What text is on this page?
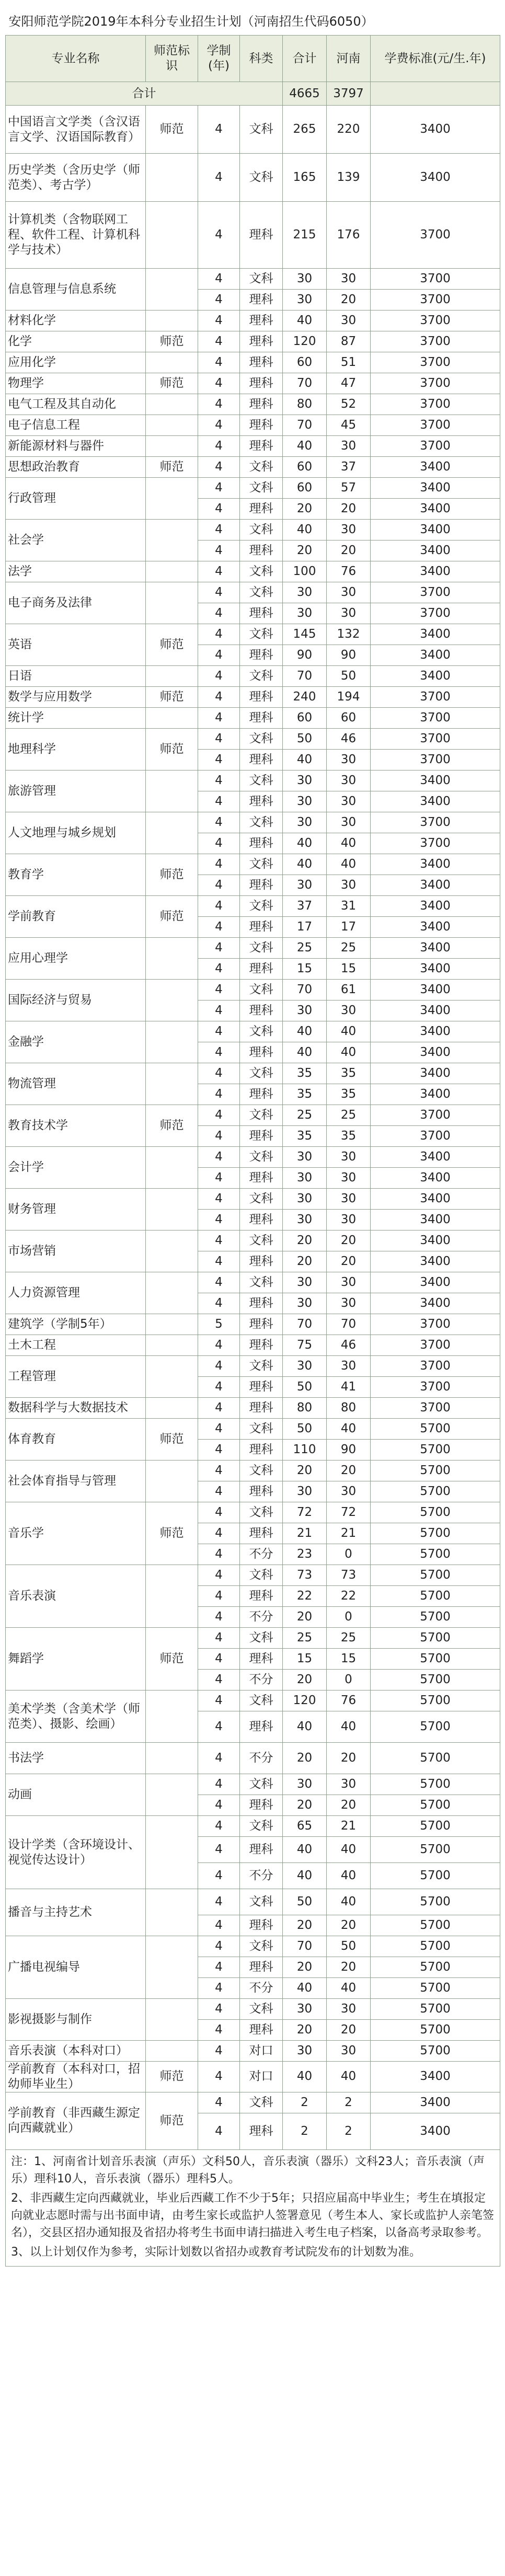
安阳师范学院2019年本科分专业招生计划（河南招生代码6050）						
专业名称	师范标识	学制(年)	科类	合计	河南	学费标准(元/生.年)
合计				4665	3797	
中国语言文学类（含汉语言文学、汉语国际教育）	师范	4	文科	265	220	3400
历史学类（含历史学（师范类）、考古学）		4	文科	165	139	3400
计算机类（含物联网工程、软件工程、计算机科学与技术）		4	理科	215	176	3700
信息管理与信息系统		4	文科	30	30	3700
		4	理科	30	20	3700
材料化学		4	理科	40	30	3700
化学	师范	4	理科	120	87	3700
应用化学		4	理科	60	51	3700
物理学	师范	4	理科	70	47	3700
电气工程及其自动化		4	理科	80	52	3700
电子信息工程		4	理科	70	45	3700
新能源材料与器件		4	理科	40	30	3700
思想政治教育	师范	4	文科	60	37	3400
行政管理		4	文科	60	57	3400
		4	理科	20	20	3400
社会学		4	文科	40	30	3400
		4	理科	20	20	3400
法学		4	文科	100	76	3400
电子商务及法律		4	文科	30	30	3700
		4	理科	30	30	3700
英语	师范	4	文科	145	132	3400
		4	理科	90	90	3400
日语		4	文科	70	50	3400
数学与应用数学	师范	4	理科	240	194	3700
统计学		4	理科	60	60	3700
地理科学	师范	4	文科	50	46	3700
		4	理科	40	30	3700
旅游管理		4	文科	30	30	3400
		4	理科	30	30	3400
人文地理与城乡规划		4	文科	30	30	3700
		4	理科	40	40	3700
教育学	师范	4	文科	40	40	3400
		4	理科	30	30	3400
学前教育	师范	4	文科	37	31	3400
		4	理科	17	17	3400
应用心理学		4	文科	25	25	3400
		4	理科	15	15	3400
国际经济与贸易		4	文科	70	61	3400
		4	理科	30	30	3400
金融学		4	文科	40	40	3400
		4	理科	40	40	3400
物流管理		4	文科	35	35	3400
		4	理科	35	35	3400
教育技术学	师范	4	文科	25	25	3700
		4	理科	35	35	3700
会计学		4	文科	30	30	3400
		4	理科	30	30	3400
财务管理		4	文科	30	30	3400
		4	理科	30	30	3400
市场营销		4	文科	20	20	3400
		4	理科	20	20	3400
人力资源管理		4	文科	30	30	3400
		4	理科	30	30	3400
建筑学（学制5年）		5	理科	70	70	3700
土木工程		4	理科	75	46	3700
工程管理		4	文科	30	30	3700
		4	理科	50	41	3700
数据科学与大数据技术		4	理科	80	80	3700
体育教育	师范	4	文科	50	40	5700
		4	理科	110	90	5700
社会体育指导与管理		4	文科	20	20	5700
		4	理科	30	30	5700
音乐学	师范	4	文科	72	72	5700
		4	理科	21	21	5700
		4	不分	23	0	5700
音乐表演		4	文科	73	73	5700
		4	理科	22	22	5700
		4	不分	20	0	5700
舞蹈学	师范	4	文科	25	25	5700
		4	理科	15	15	5700
		4	不分	20	0	5700
美术学类（含美术学（师范类）、摄影、绘画）		4	文科	120	76	5700
		4	理科	40	40	5700
书法学		4	不分	20	20	5700
动画		4	文科	30	30	5700
		4	理科	20	20	5700
设计学类（含环境设计、视觉传达设计）		4	文科	65	21	5700
		4	理科	40	40	5700
		4	不分	40	40	5700
播音与主持艺术		4	文科	50	40	5700
		4	理科	20	20	5700
广播电视编导		4	文科	70	50	5700
		4	理科	20	20	5700
		4	不分	40	40	5700
影视摄影与制作		4	文科	30	30	5700
		4	理科	20	20	5700
音乐表演（本科对口）		4	对口	30	30	5700
学前教育（本科对口，招幼师毕业生）	师范	4	对口	40	40	3400
学前教育（非西藏生源定向西藏就业）	师范	4	文科	2	2	3400
		4	理科	2	2	3400

注：1、河南省计划音乐表演（声乐）文科50人，音乐表演（器乐）文科23人；音乐表演（声乐）理科10人，音乐表演（器乐）理科5人。

2、非西藏生定向西藏就业，毕业后西藏工作不少于5年；只招应届高中毕业生；考生在填报定向就业志愿时需与出书面申请，由考生家长或监护人签署意见（考生本人、家长或监护人亲笔签名），交县区招办通知报及省招办将考生书面申请扫描进入考生电子档案，以备高考录取参考。

3、以上计划仅作为参考，实际计划数以省招办或教育考试院发布的计划数为准。						
